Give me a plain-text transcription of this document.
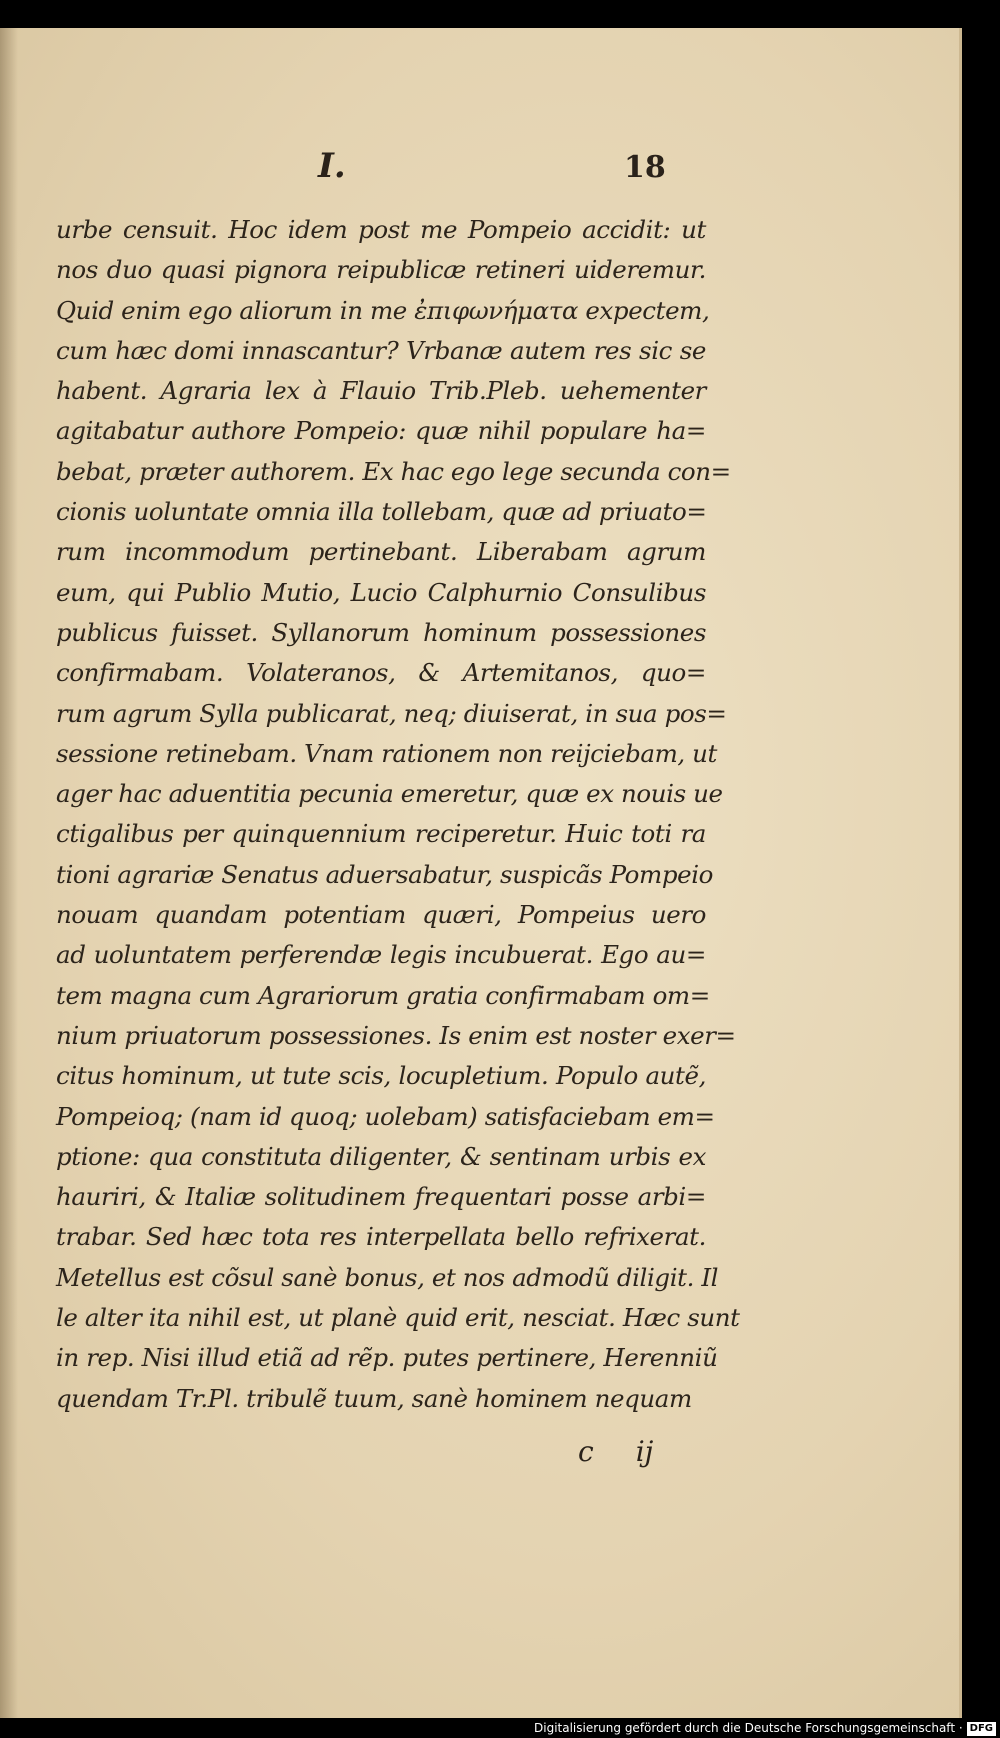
I.	18
urbe censuit. Hoc idem post me Pompeio accidit: ut
nos duo quasi pignora reipublicæ retineri uideremur.
Quid enim ego aliorum in me ἐπιφωνήματα expectem,
cum hæc domi innascantur? Vrbanæ autem res sic se
habent. Agraria lex à Flauio Trib.Pleb. uehementer
agitabatur authore Pompeio: quæ nihil populare ha=
bebat, præter authorem. Ex hac ego lege secunda con=
cionis uoluntate omnia illa tollebam, quæ ad priuato=
rum incommodum pertinebant. Liberabam agrum
eum, qui Publio Mutio, Lucio Calphurnio Consulibus
publicus fuisset. Syllanorum hominum possessiones
confirmabam. Volateranos, & Artemitanos, quo=
rum agrum Sylla publicarat, neq; diuiserat, in sua pos=
sessione retinebam. Vnam rationem non reijciebam, ut
ager hac aduentitia pecunia emeretur, quæ ex nouis ue
ctigalibus per quinquennium reciperetur. Huic toti ra
tioni agrariæ Senatus aduersabatur, suspicãs Pompeio
nouam quandam potentiam quæri, Pompeius uero
ad uoluntatem perferendæ legis incubuerat. Ego au=
tem magna cum Agrariorum gratia confirmabam om=
nium priuatorum possessiones. Is enim est noster exer=
citus hominum, ut tute scis, locupletium. Populo autẽ,
Pompeioq; (nam id quoq; uolebam) satisfaciebam em=
ptione: qua constituta diligenter, & sentinam urbis ex
hauriri, & Italiæ solitudinem frequentari posse arbi=
trabar. Sed hæc tota res interpellata bello refrixerat.
Metellus est cõsul sanè bonus, et nos admodũ diligit. Il
le alter ita nihil est, ut planè quid erit, nesciat. Hæc sunt
in rep. Nisi illud etiã ad rẽp. putes pertinere, Herenniũ
quendam Tr.Pl. tribulẽ tuum, sanè hominem nequam
c ij
Digitalisierung gefördert durch die Deutsche Forschungsgemeinschaft · DFG
